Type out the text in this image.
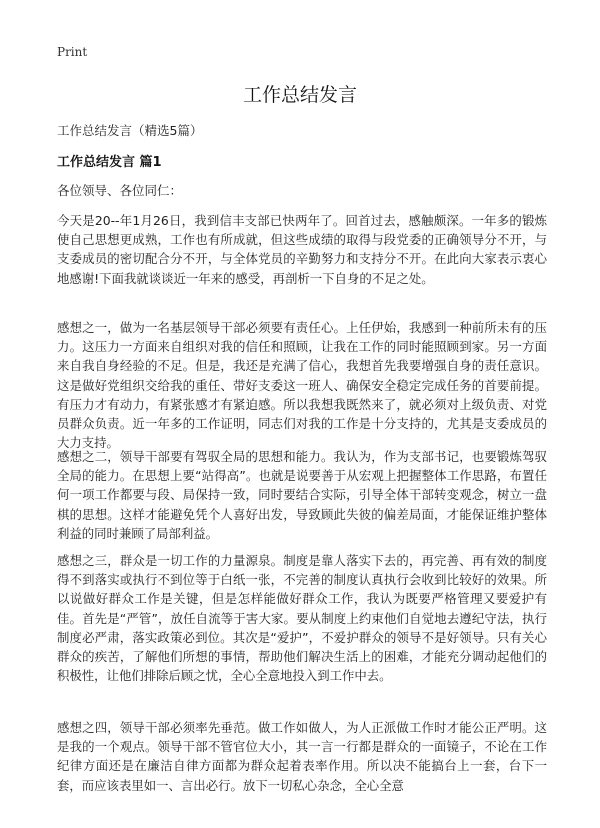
Print
工作总结发言
工作总结发言（精选5篇）
工作总结发言 篇1
各位领导、各位同仁：

今天是20--年1月26日，我到信丰支部已快两年了。回首过去，感触颇深。一年多的锻炼使自己思想更成熟，工作也有所成就，但这些成绩的取得与段党委的正确领导分不开，与支委成员的密切配合分不开，与全体党员的辛勤努力和支持分不开。在此向大家表示衷心地感谢!下面我就谈谈近一年来的感受，再剖析一下自身的不足之处。

感想之一，做为一名基层领导干部必须要有责任心。上任伊始，我感到一种前所未有的压力。这压力一方面来自组织对我的信任和照顾，让我在工作的同时能照顾到家。另一方面来自我自身经验的不足。但是，我还是充满了信心，我想首先我要增强自身的责任意识。这是做好党组织交给我的重任、带好支委这一班人、确保安全稳定完成任务的首要前提。有压力才有动力，有紧张感才有紧迫感。所以我想我既然来了，就必须对上级负责、对党员群众负责。近一年多的工作证明，同志们对我的工作是十分支持的，尤其是支委成员的大力支持。

感想之二，领导干部要有驾驭全局的思想和能力。我认为，作为支部书记，也要锻炼驾驭全局的能力。在思想上要“站得高”。也就是说要善于从宏观上把握整体工作思路，布置任何一项工作都要与段、局保持一致，同时要结合实际，引导全体干部转变观念，树立一盘棋的思想。这样才能避免凭个人喜好出发，导致顾此失彼的偏差局面，才能保证维护整体利益的同时兼顾了局部利益。

感想之三，群众是一切工作的力量源泉。制度是靠人落实下去的，再完善、再有效的制度得不到落实或执行不到位等于白纸一张，不完善的制度认真执行会收到比较好的效果。所以说做好群众工作是关键，但是怎样能做好群众工作，我认为既要严格管理又要爱护有佳。首先是“严管”，放任自流等于害大家。要从制度上约束他们自觉地去遵纪守法，执行制度必严肃，落实政策必到位。其次是“爱护”，不爱护群众的领导不是好领导。只有关心群众的疾苦，了解他们所想的事情，帮助他们解决生活上的困难，才能充分调动起他们的积极性，让他们排除后顾之忧，全心全意地投入到工作中去。

感想之四，领导干部必须率先垂范。做工作如做人，为人正派做工作时才能公正严明。这是我的一个观点。领导干部不管官位大小，其一言一行都是群众的一面镜子，不论在工作纪律方面还是在廉洁自律方面都为群众起着表率作用。所以决不能搞台上一套，台下一套，而应该表里如一、言出必行。放下一切私心杂念，全心全意
